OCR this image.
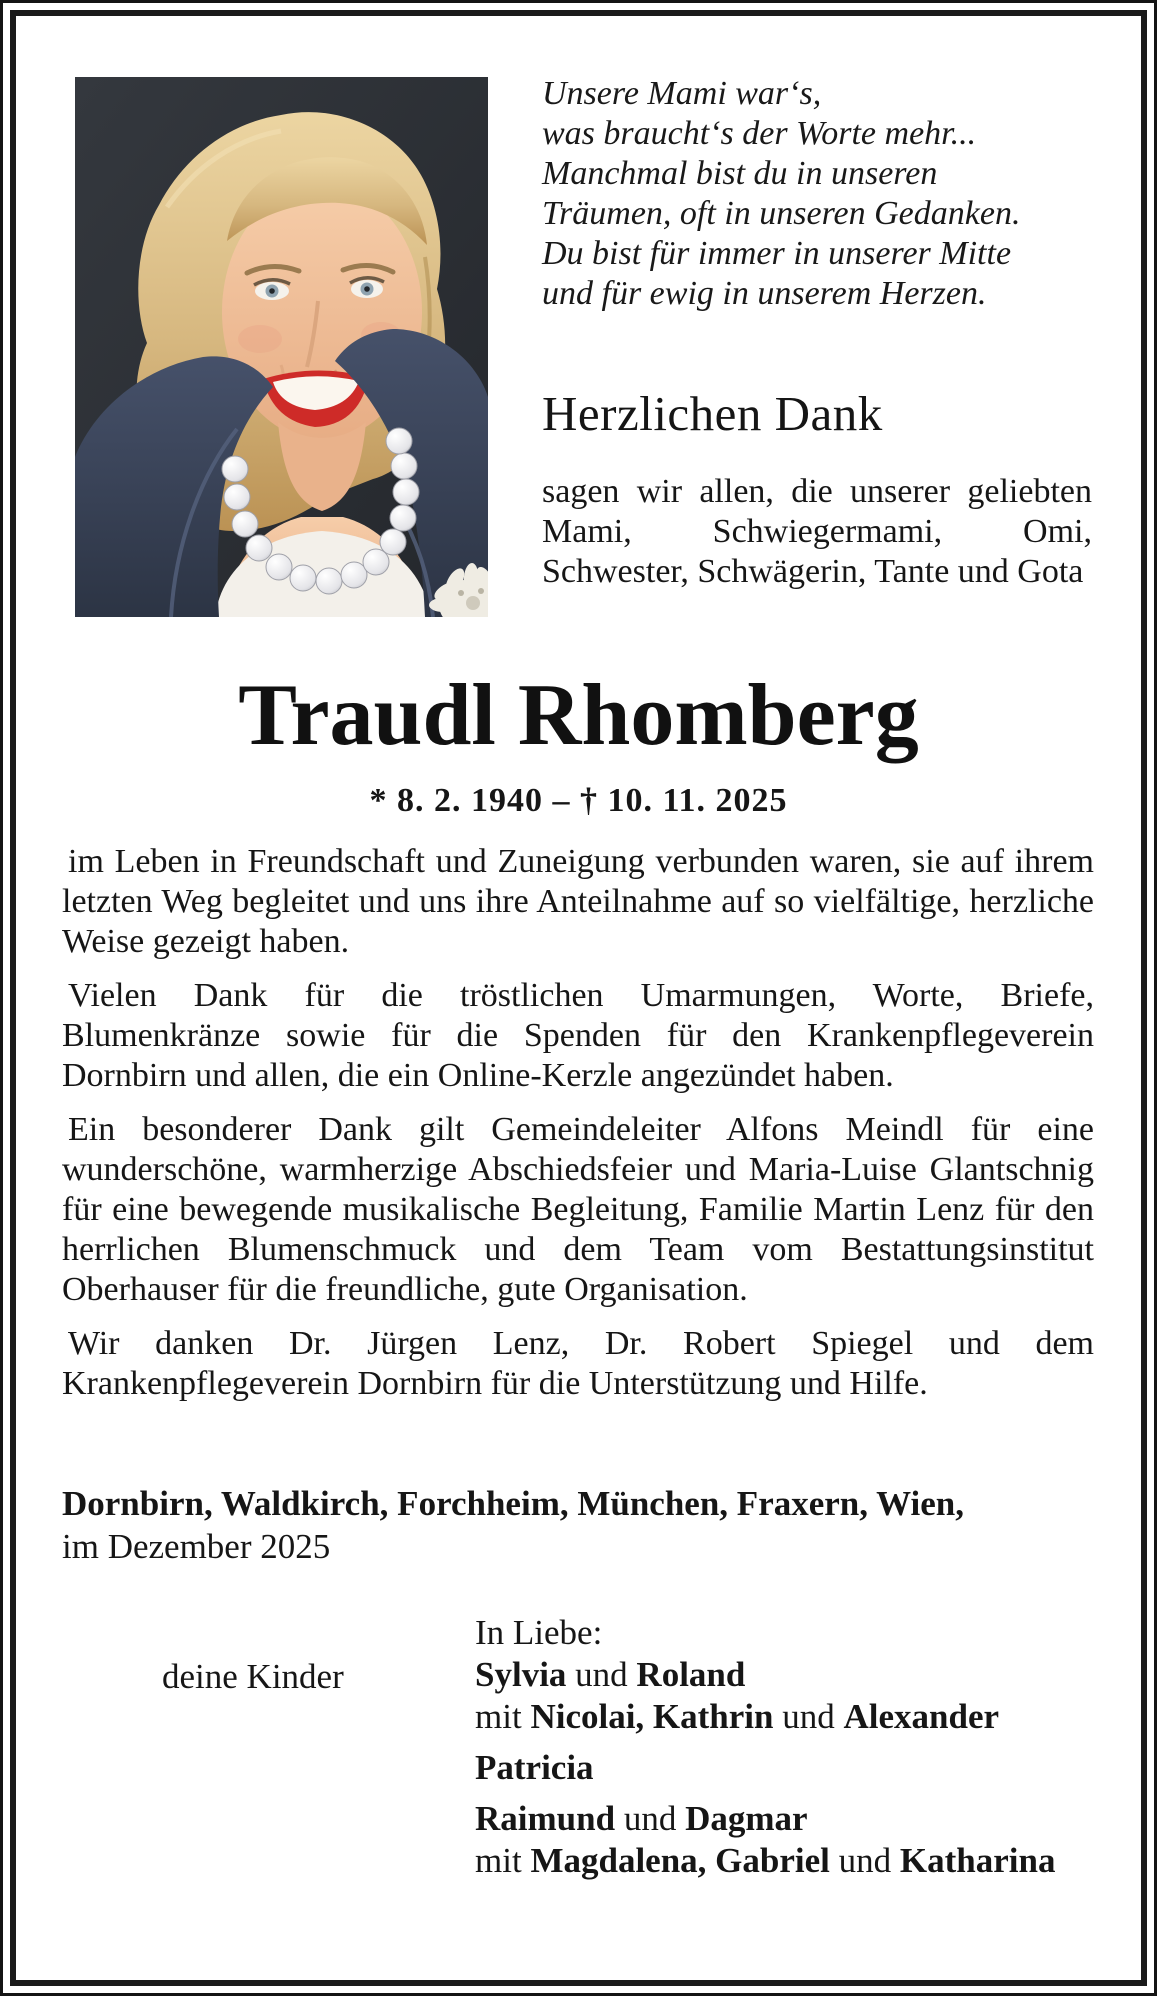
Unsere Mami war‘s,
was braucht‘s der Worte mehr...
Manchmal bist du in unseren
Träumen, oft in unseren Gedanken.
Du bist für immer in unserer Mitte
und für ewig in unserem Herzen.
Herzlichen Dank
sagen wir allen, die unserer geliebten Mami, Schwiegermami, Omi, Schwester, Schwägerin, Tante und Gota
Traudl Rhomberg
* 8. 2. 1940 – † 10. 11. 2025

im Leben in Freundschaft und Zuneigung verbunden waren, sie auf ihrem letzten Weg begleitet und uns ihre Anteilnahme auf so vielfältige, herzliche Weise gezeigt haben.

Vielen Dank für die tröstlichen Umarmungen, Worte, Briefe, Blumenkränze sowie für die Spenden für den Krankenpflegeverein Dornbirn und allen, die ein Online-Kerzle angezündet haben.

Ein besonderer Dank gilt Gemeindeleiter Alfons Meindl für eine wunderschöne, warmherzige Abschiedsfeier und Maria-Luise Glantschnig für eine bewegende musikalische Begleitung, Familie Martin Lenz für den herrlichen Blumenschmuck und dem Team vom Bestattungsinstitut Oberhauser für die freundliche, gute Organisation.

Wir danken Dr. Jürgen Lenz, Dr. Robert Spiegel und dem Krankenpflegeverein Dornbirn für die Unterstützung und Hilfe.

Dornbirn, Waldkirch, Forchheim, München, Fraxern, Wien,
im Dezember 2025
deine Kinder
In Liebe:
Sylvia und Roland
mit Nicolai, Kathrin und Alexander
Patricia
Raimund und Dagmar
mit Magdalena, Gabriel und Katharina
